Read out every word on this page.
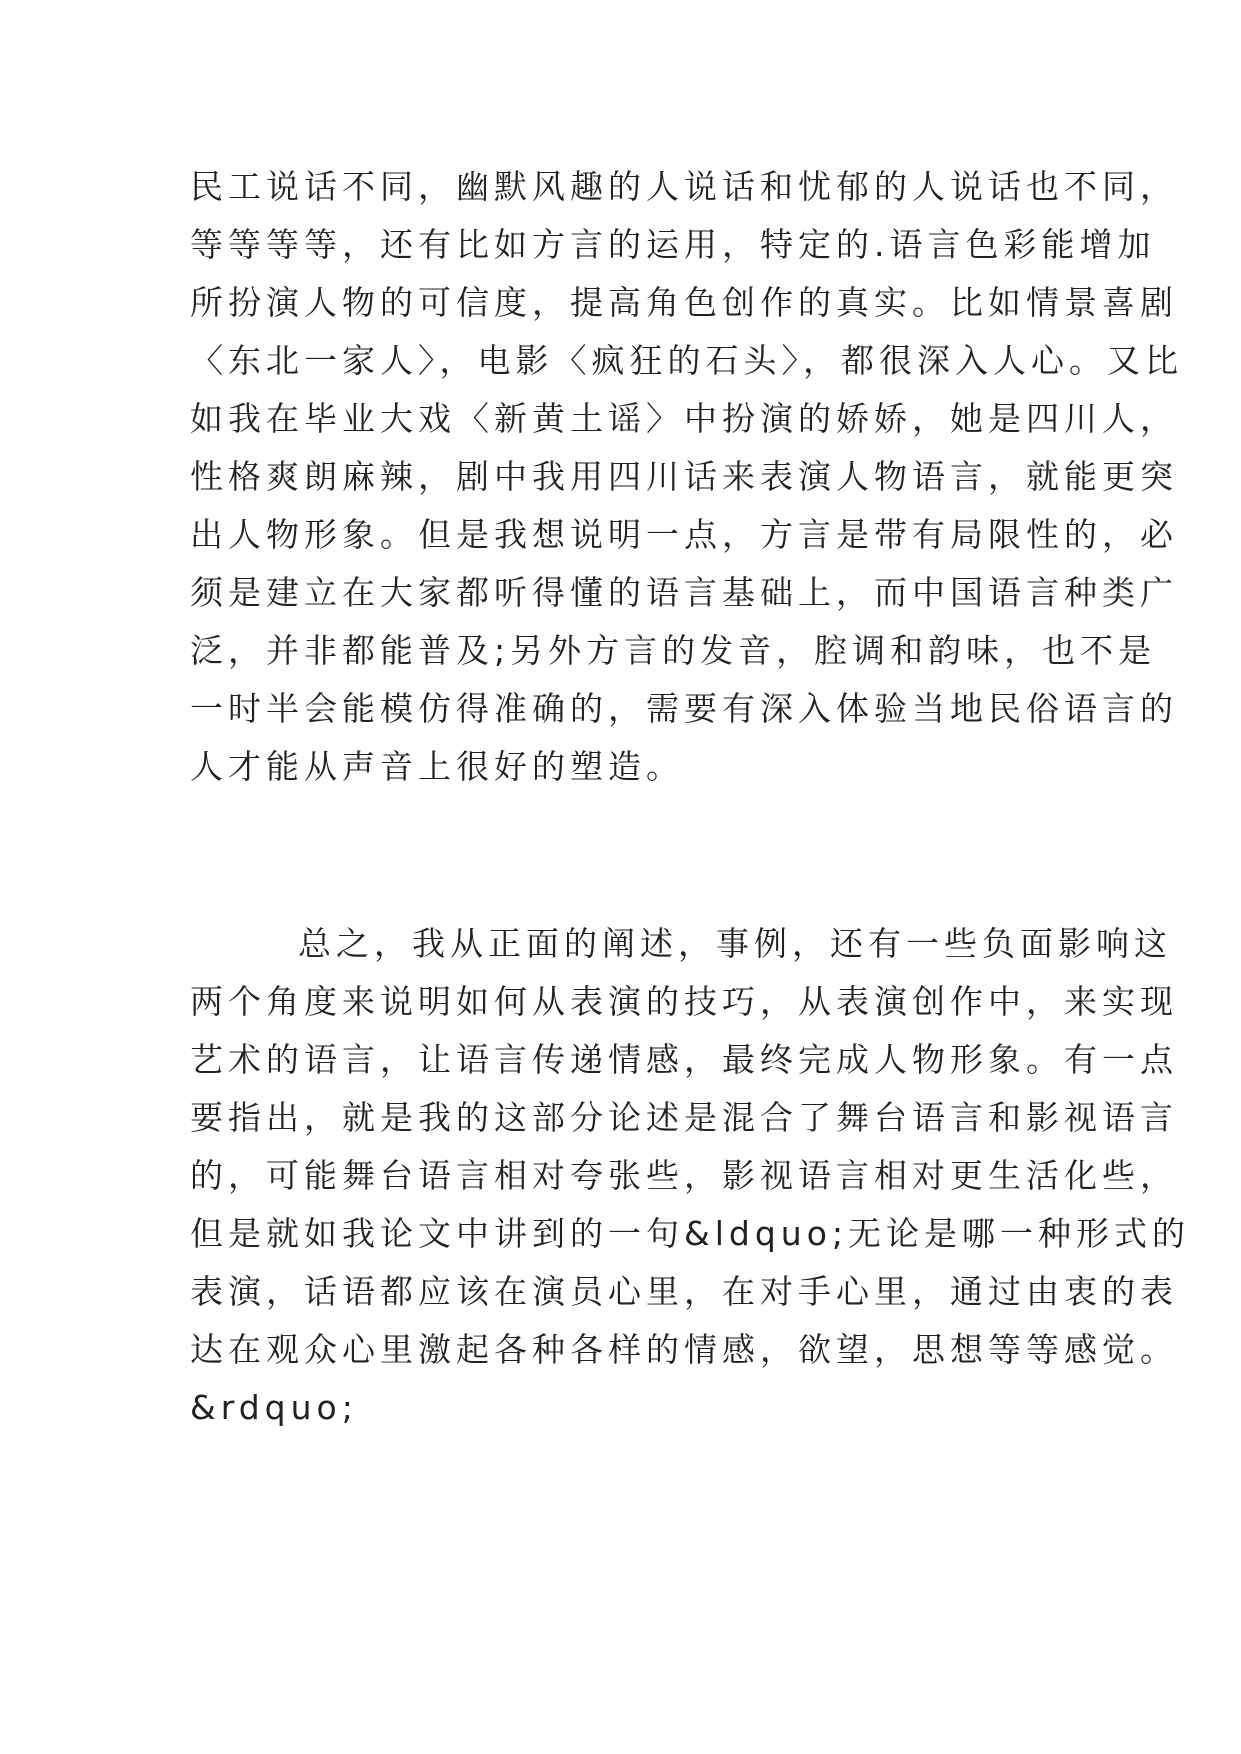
民工说话不同，幽默风趣的人说话和忧郁的人说话也不同，
等等等等，还有比如方言的运用，特定的.语言色彩能增加
所扮演人物的可信度，提高角色创作的真实。比如情景喜剧
〈东北一家人〉，电影〈疯狂的石头〉，都很深入人心。又比
如我在毕业大戏〈新黄土谣〉中扮演的娇娇，她是四川人，
性格爽朗麻辣，剧中我用四川话来表演人物语言，就能更突
出人物形象。但是我想说明一点，方言是带有局限性的，必
须是建立在大家都听得懂的语言基础上，而中国语言种类广
泛，并非都能普及;另外方言的发音，腔调和韵味，也不是
一时半会能模仿得准确的，需要有深入体验当地民俗语言的
人才能从声音上很好的塑造。
总之，我从正面的阐述，事例，还有一些负面影响这
两个角度来说明如何从表演的技巧，从表演创作中，来实现
艺术的语言，让语言传递情感，最终完成人物形象。有一点
要指出，就是我的这部分论述是混合了舞台语言和影视语言
的，可能舞台语言相对夸张些，影视语言相对更生活化些，
但是就如我论文中讲到的一句&ldquo;无论是哪一种形式的
表演，话语都应该在演员心里，在对手心里，通过由衷的表
达在观众心里激起各种各样的情感，欲望，思想等等感觉。
&rdquo;
